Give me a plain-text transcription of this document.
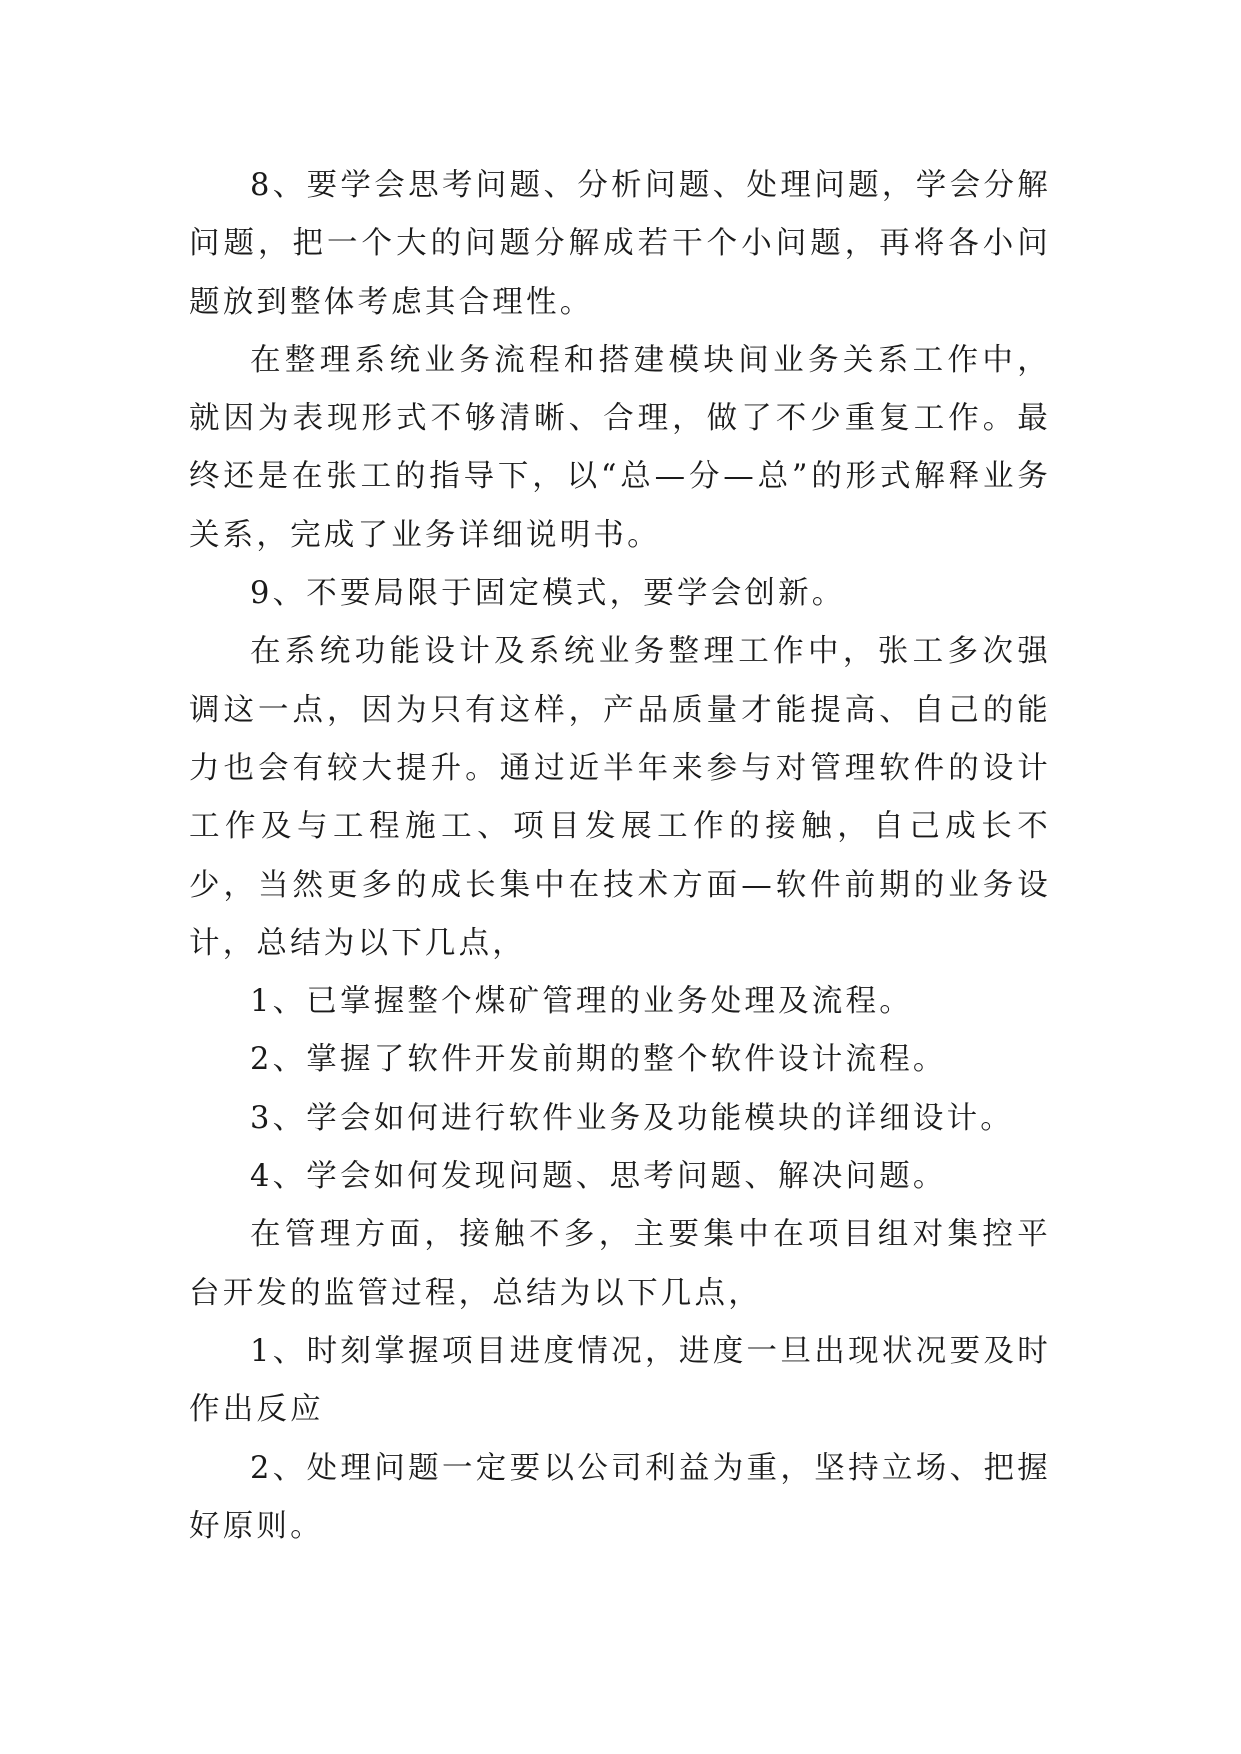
8、要学会思考问题、分析问题、处理问题，学会分解问题，把一个大的问题分解成若干个小问题，再将各小问题放到整体考虑其合理性。

在整理系统业务流程和搭建模块间业务关系工作中，就因为表现形式不够清晰、合理，做了不少重复工作。最终还是在张工的指导下，以“总—分—总”的形式解释业务关系，完成了业务详细说明书。

9、不要局限于固定模式，要学会创新。

在系统功能设计及系统业务整理工作中，张工多次强调这一点，因为只有这样，产品质量才能提高、自己的能力也会有较大提升。通过近半年来参与对管理软件的设计工作及与工程施工、项目发展工作的接触，自己成长不少，当然更多的成长集中在技术方面—软件前期的业务设计，总结为以下几点，

1、已掌握整个煤矿管理的业务处理及流程。

2、掌握了软件开发前期的整个软件设计流程。

3、学会如何进行软件业务及功能模块的详细设计。

4、学会如何发现问题、思考问题、解决问题。

在管理方面，接触不多，主要集中在项目组对集控平台开发的监管过程，总结为以下几点，

1、时刻掌握项目进度情况，进度一旦出现状况要及时作出反应

2、处理问题一定要以公司利益为重，坚持立场、把握好原则。
